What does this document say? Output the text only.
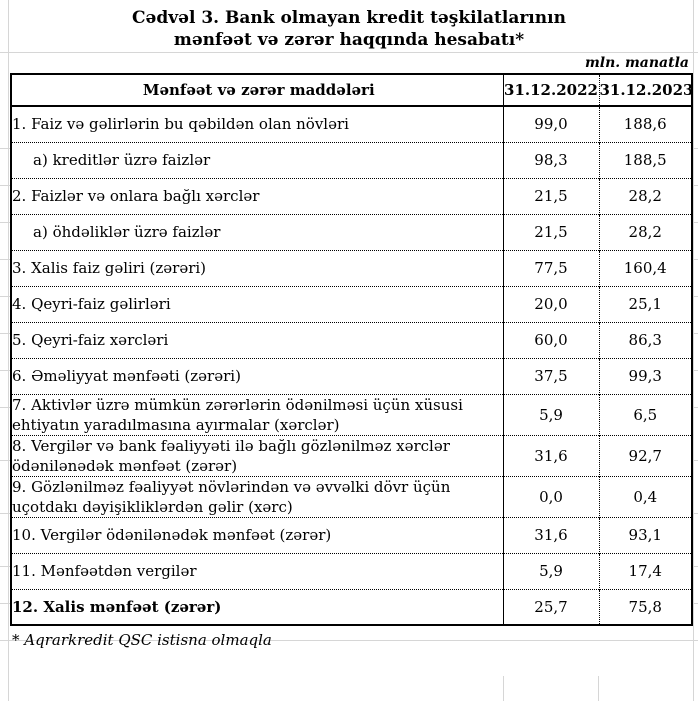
Cədvəl 3. Bank olmayan kredit təşkilatlarının
mənfəət və zərər haqqında hesabatı*
mln. manatla
Mənfəət və zərər maddələri	31.12.2022	31.12.2023
1. Faiz və gəlirlərin bu qəbildən olan növləri	99,0	188,6
a) kreditlər üzrə faizlər	98,3	188,5
2. Faizlər və onlara bağlı xərclər	21,5	28,2
a) öhdəliklər üzrə faizlər	21,5	28,2
3. Xalis faiz gəliri (zərəri)	77,5	160,4
4. Qeyri-faiz gəlirləri	20,0	25,1
5. Qeyri-faiz xərcləri	60,0	86,3
6. Əməliyyat mənfəəti (zərəri)	37,5	99,3
7. Aktivlər üzrə mümkün zərərlərin ödənilməsi üçün xüsusi ehtiyatın yaradılmasına ayırmalar (xərclər)	5,9	6,5
8. Vergilər və bank fəaliyyəti ilə bağlı gözlənilməz xərclər ödənilənədək mənfəət (zərər)	31,6	92,7
9. Gözlənilməz fəaliyyət növlərindən və əvvəlki dövr üçün uçotdakı dəyişikliklərdən gəlir (xərc)	0,0	0,4
10. Vergilər ödənilənədək mənfəət (zərər)	31,6	93,1
11. Mənfəətdən vergilər	5,9	17,4
12. Xalis mənfəət (zərər)	25,7	75,8
* Aqrarkredit QSC istisna olmaqla
